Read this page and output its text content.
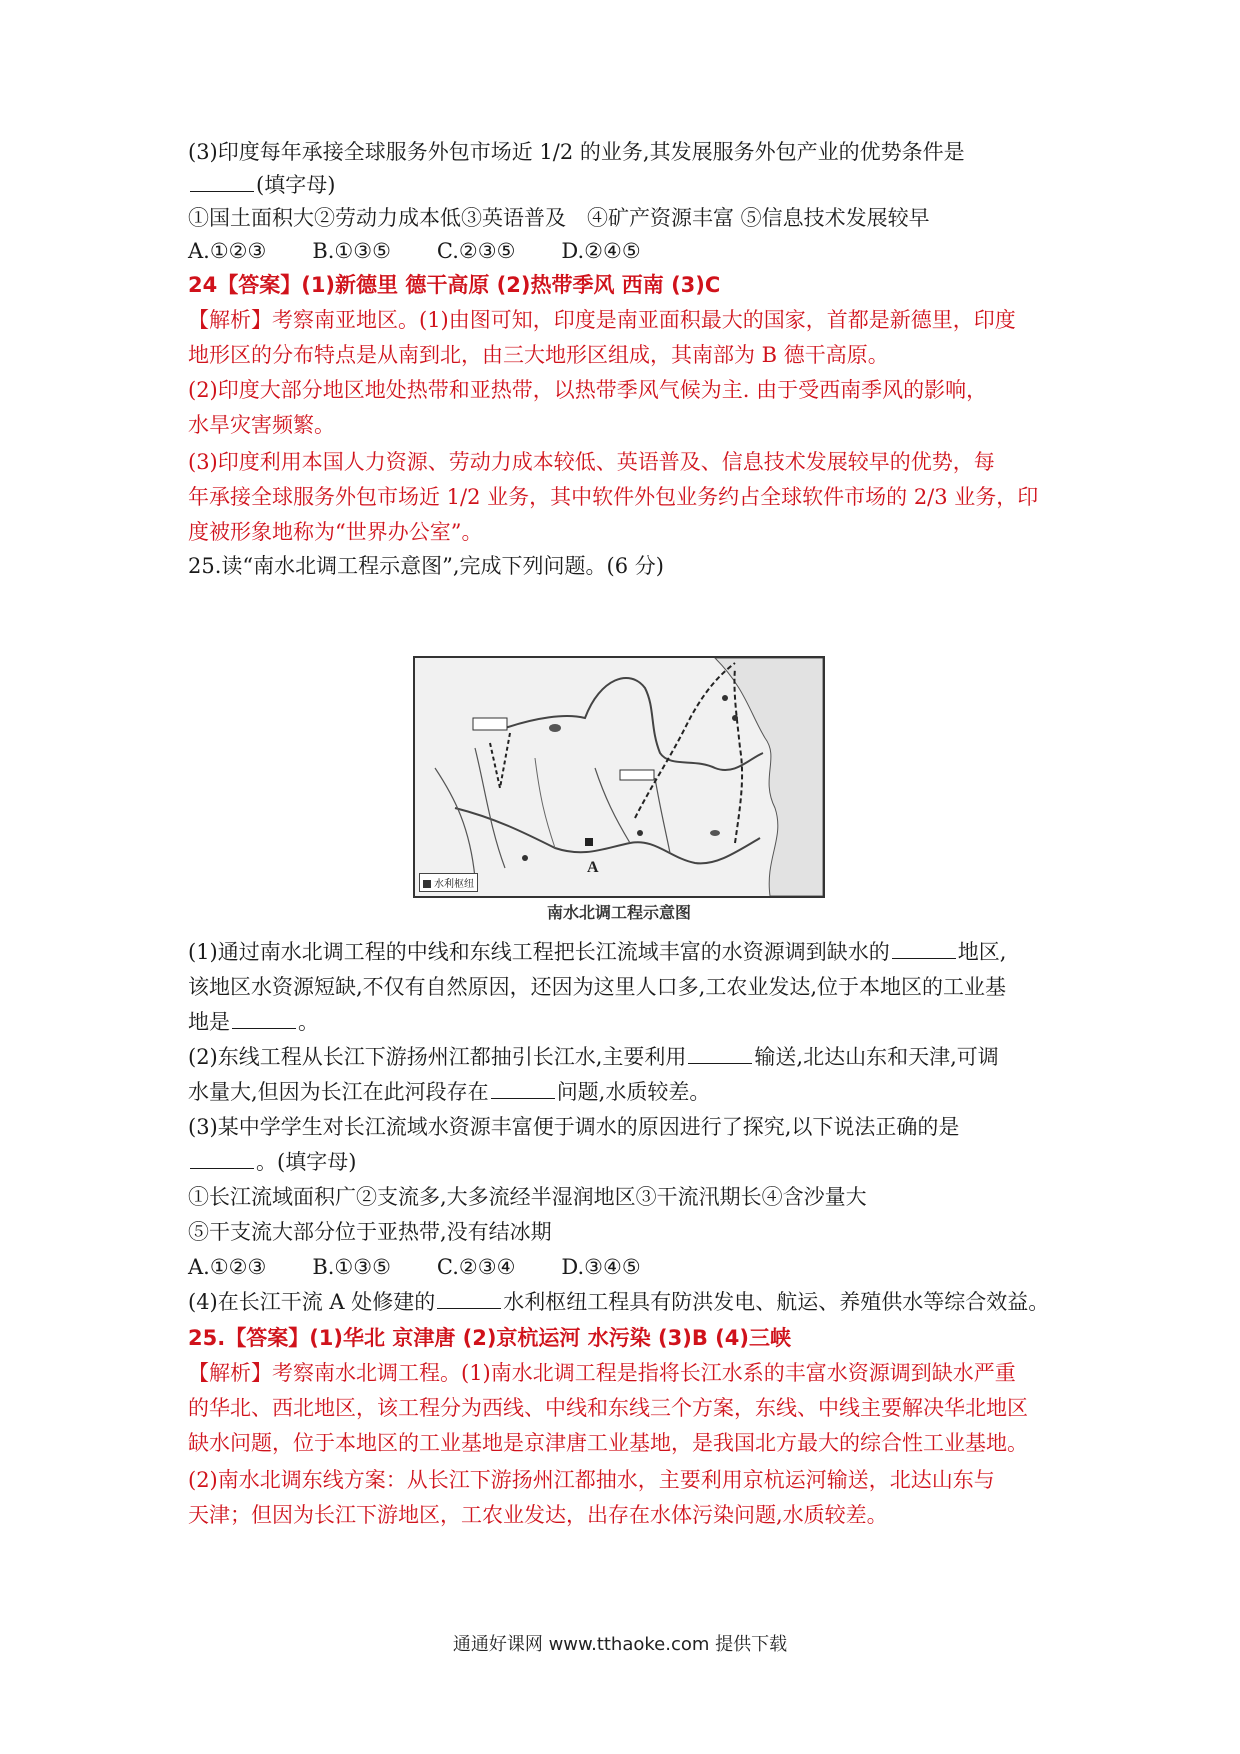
(3)印度每年承接全球服务外包市场近 1/2 的业务,其发展服务外包产业的优势条件是
(填字母)
①国土面积大②劳动力成本低③英语普及　④矿产资源丰富 ⑤信息技术发展较早
A.①②③ B.①③⑤ C.②③⑤ D.②④⑤
24【答案】(1)新德里 德干高原 (2)热带季风 西南 (3)C
【解析】考察南亚地区。(1)由图可知，印度是南亚面积最大的国家，首都是新德里，印度
地形区的分布特点是从南到北，由三大地形区组成，其南部为 B 德干高原。
(2)印度大部分地区地处热带和亚热带，以热带季风气候为主. 由于受西南季风的影响，
水旱灾害频繁。
(3)印度利用本国人力资源、劳动力成本较低、英语普及、信息技术发展较早的优势，每
年承接全球服务外包市场近 1/2 业务，其中软件外包业务约占全球软件市场的 2/3 业务，印
度被形象地称为“世界办公室”。
25.读“南水北调工程示意图”,完成下列问题。(6 分)
A
水利枢纽
南水北调工程示意图
(1)通过南水北调工程的中线和东线工程把长江流域丰富的水资源调到缺水的	地区,
该地区水资源短缺,不仅有自然原因，还因为这里人口多,工农业发达,位于本地区的工业基
地是	。
(2)东线工程从长江下游扬州江都抽引长江水,主要利用	输送,北达山东和天津,可调
水量大,但因为长江在此河段存在	问题,水质较差。
(3)某中学学生对长江流域水资源丰富便于调水的原因进行了探究,以下说法正确的是
。(填字母)
①长江流域面积广②支流多,大多流经半湿润地区③干流汛期长④含沙量大
⑤干支流大部分位于亚热带,没有结冰期
A.①②③ B.①③⑤ C.②③④ D.③④⑤
(4)在长江干流 A 处修建的	水利枢纽工程具有防洪发电、航运、养殖供水等综合效益。
25.【答案】(1)华北 京津唐 (2)京杭运河 水污染 (3)B (4)三峡
【解析】考察南水北调工程。(1)南水北调工程是指将长江水系的丰富水资源调到缺水严重
的华北、西北地区，该工程分为西线、中线和东线三个方案，东线、中线主要解决华北地区
缺水问题，位于本地区的工业基地是京津唐工业基地，是我国北方最大的综合性工业基地。
(2)南水北调东线方案：从长江下游扬州江都抽水，主要利用京杭运河输送，北达山东与
天津；但因为长江下游地区，工农业发达，出存在水体污染问题,水质较差。
通通好课网 www.tthaoke.com 提供下载
